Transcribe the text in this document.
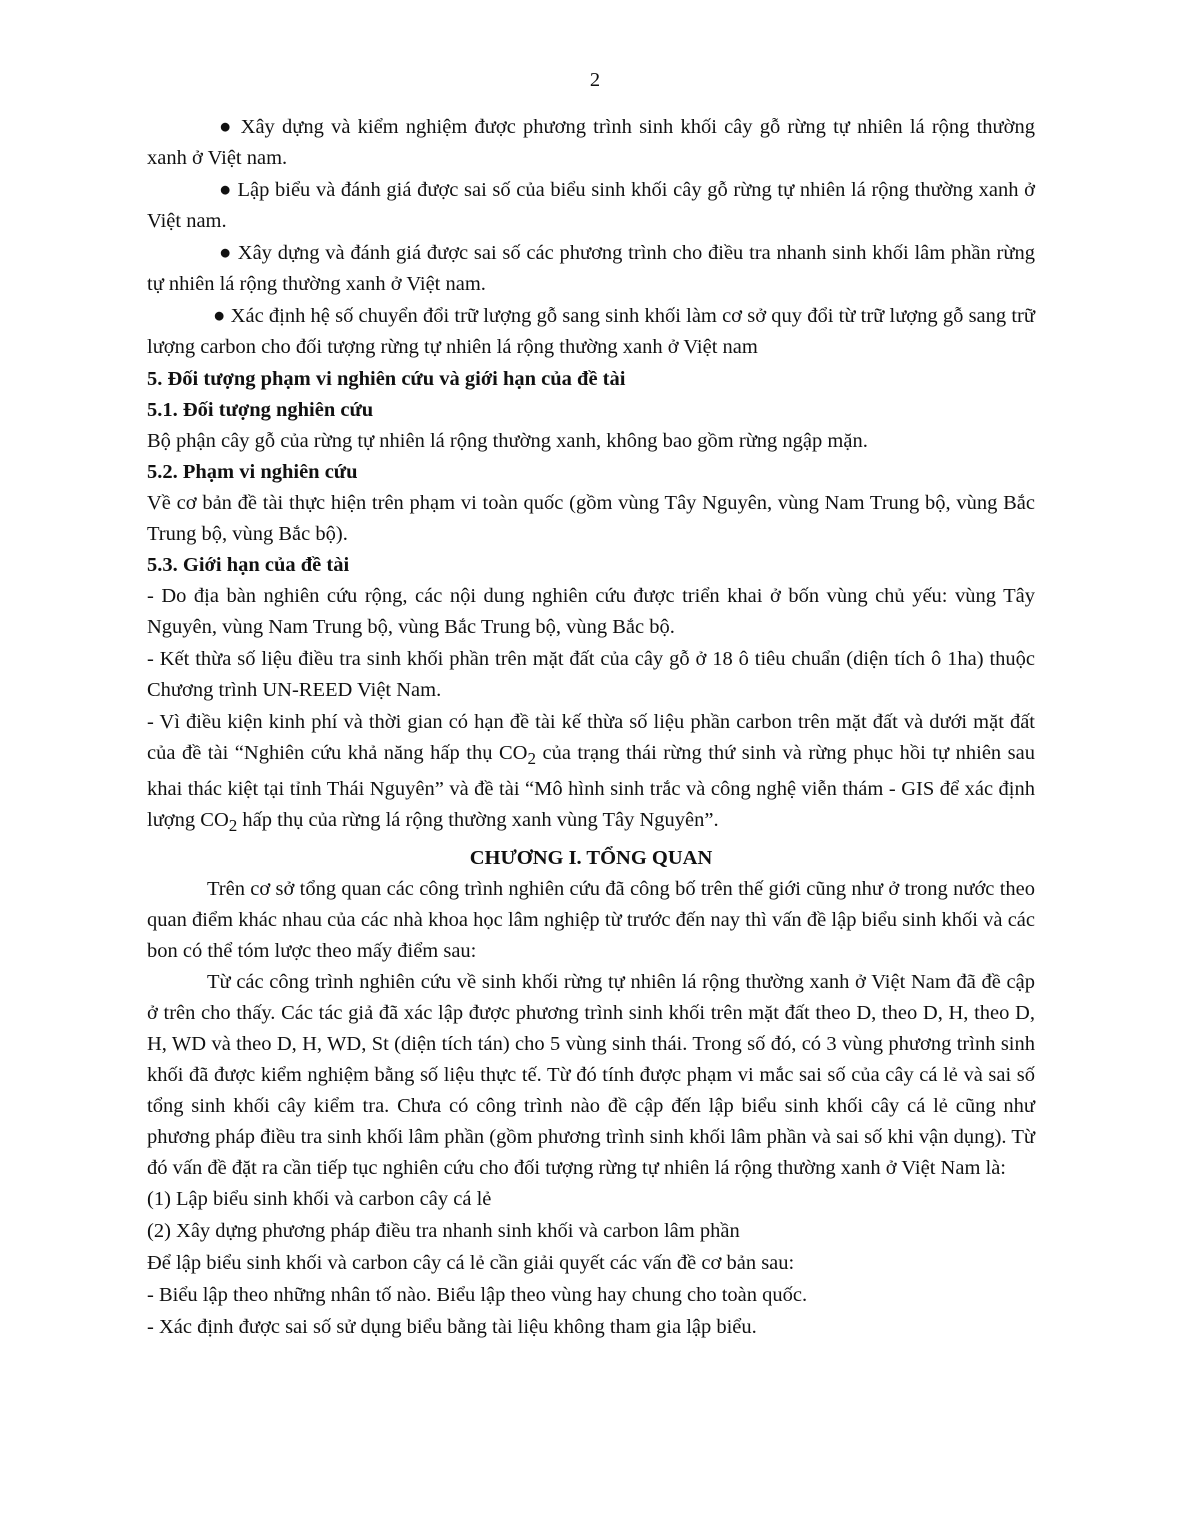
2

● Xây dựng và kiểm nghiệm được phương trình sinh khối cây gỗ rừng tự nhiên lá rộng thường xanh ở Việt nam.

● Lập biểu và đánh giá được sai số của biểu sinh khối cây gỗ rừng tự nhiên lá rộng thường xanh ở Việt nam.

● Xây dựng và đánh giá được sai số các phương trình cho điều tra nhanh sinh khối lâm phần rừng tự nhiên lá rộng thường xanh ở Việt nam.

● Xác định hệ số chuyển đổi trữ lượng gỗ sang sinh khối làm cơ sở quy đổi từ trữ lượng gỗ sang trữ lượng carbon cho đối tượng rừng tự nhiên lá rộng thường xanh ở Việt nam

5. Đối tượng phạm vi nghiên cứu và giới hạn của đề tài

5.1. Đối tượng nghiên cứu

Bộ phận cây gỗ của rừng tự nhiên lá rộng thường xanh, không bao gồm rừng ngập mặn.

5.2. Phạm vi nghiên cứu

Về cơ bản đề tài thực hiện trên phạm vi toàn quốc (gồm vùng Tây Nguyên, vùng Nam Trung bộ, vùng Bắc Trung bộ, vùng Bắc bộ).

5.3. Giới hạn của đề tài

- Do địa bàn nghiên cứu rộng, các nội dung nghiên cứu được triển khai ở bốn vùng chủ yếu: vùng Tây Nguyên, vùng Nam Trung bộ, vùng Bắc Trung bộ, vùng Bắc bộ.

- Kết thừa số liệu điều tra sinh khối phần trên mặt đất của cây gỗ ở 18 ô tiêu chuẩn (diện tích ô 1ha) thuộc Chương trình UN-REED Việt Nam.

- Vì điều kiện kinh phí và thời gian có hạn đề tài kế thừa số liệu phần carbon trên mặt đất và dưới mặt đất của đề tài “Nghiên cứu khả năng hấp thụ $CO_2$ của trạng thái rừng thứ sinh và rừng phục hồi tự nhiên sau khai thác kiệt tại tỉnh Thái Nguyên” và đề tài “Mô hình sinh trắc và công nghệ viễn thám - GIS để xác định lượng $CO_2$ hấp thụ của rừng lá rộng thường xanh vùng Tây Nguyên”.

CHƯƠNG I. TỔNG QUAN

Trên cơ sở tổng quan các công trình nghiên cứu đã công bố trên thế giới cũng như ở trong nước theo quan điểm khác nhau của các nhà khoa học lâm nghiệp từ trước đến nay thì vấn đề lập biểu sinh khối và các bon có thể tóm lược theo mấy điểm sau:

Từ các công trình nghiên cứu về sinh khối rừng tự nhiên lá rộng thường xanh ở Việt Nam đã đề cập ở trên cho thấy. Các tác giả đã xác lập được phương trình sinh khối trên mặt đất theo D, theo D, H, theo D, H, WD và theo D, H, WD, St (diện tích tán) cho 5 vùng sinh thái. Trong số đó, có 3 vùng phương trình sinh khối đã được kiểm nghiệm bằng số liệu thực tế. Từ đó tính được phạm vi mắc sai số của cây cá lẻ và sai số tổng sinh khối cây kiểm tra. Chưa có công trình nào đề cập đến lập biểu sinh khối cây cá lẻ cũng như phương pháp điều tra sinh khối lâm phần (gồm phương trình sinh khối lâm phần và sai số khi vận dụng). Từ đó vấn đề đặt ra cần tiếp tục nghiên cứu cho đối tượng rừng tự nhiên lá rộng thường xanh ở Việt Nam là:

(1) Lập biểu sinh khối và carbon cây cá lẻ

(2) Xây dựng phương pháp điều tra nhanh sinh khối và carbon lâm phần

Để lập biểu sinh khối và carbon cây cá lẻ cần giải quyết các vấn đề cơ bản sau:

- Biểu lập theo những nhân tố nào. Biểu lập theo vùng hay chung cho toàn quốc.

- Xác định được sai số sử dụng biểu bằng tài liệu không tham gia lập biểu.
